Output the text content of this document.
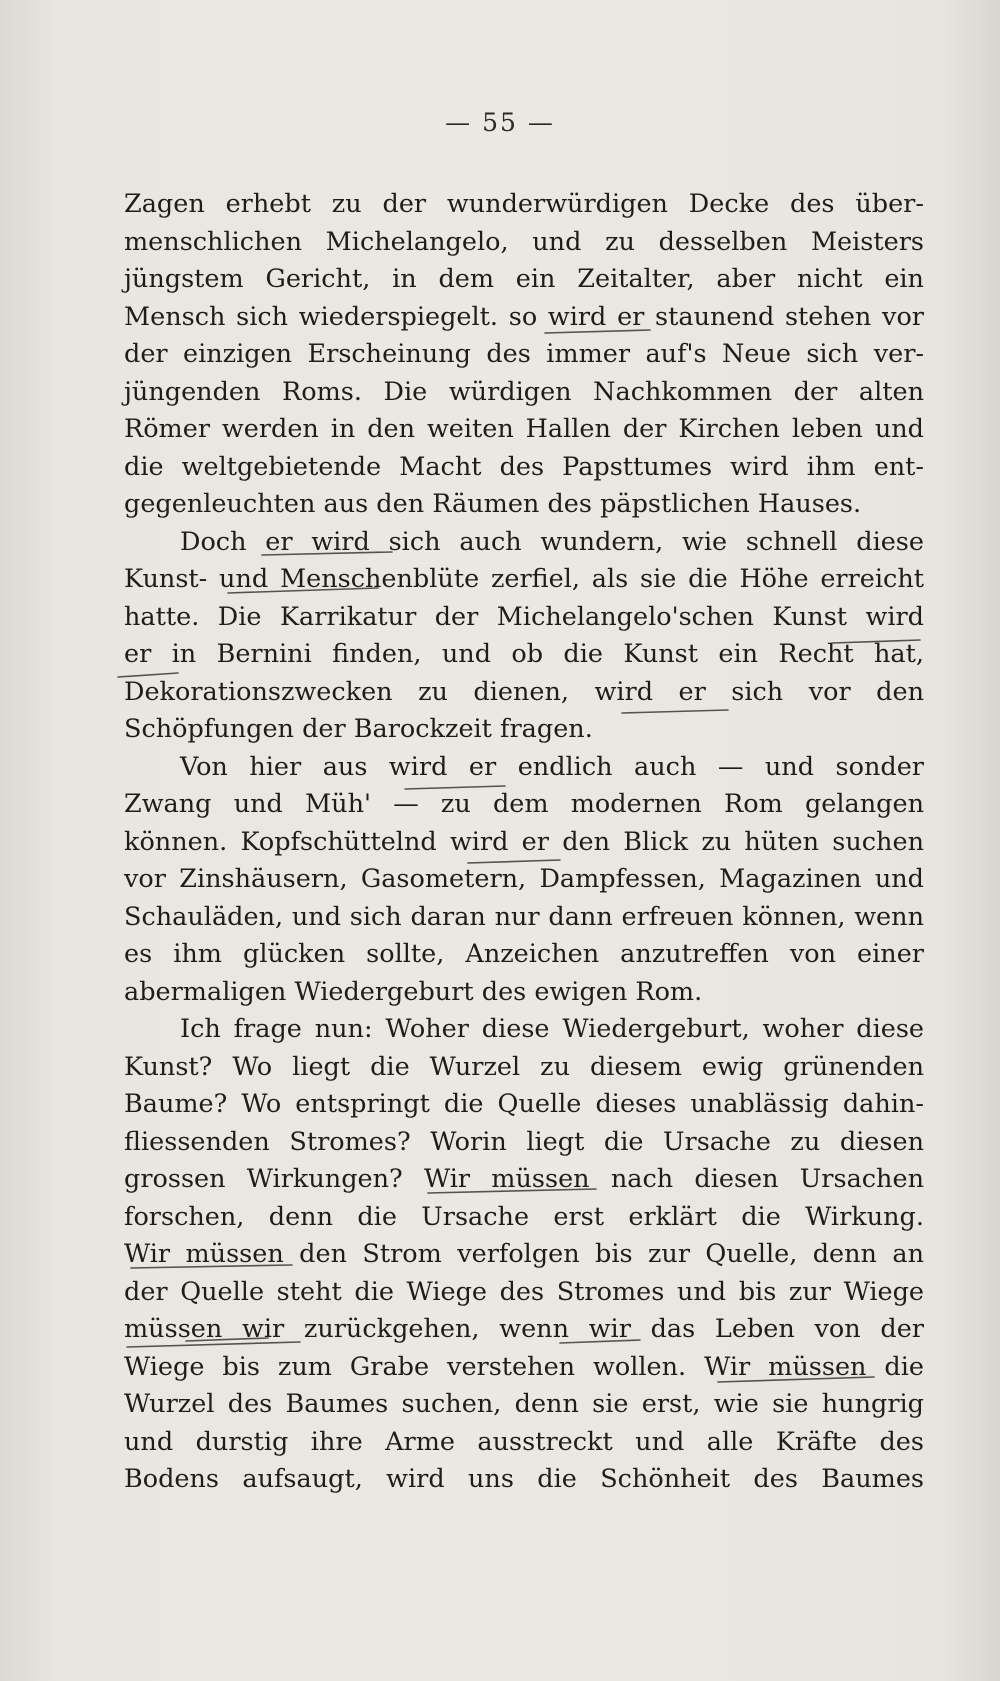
— 55 —
Zagen erhebt zu der wunderwürdigen Decke des über-
menschlichen Michelangelo, und zu desselben Meisters
jüngstem Gericht, in dem ein Zeitalter, aber nicht ein
Mensch sich wiederspiegelt. so wird er staunend stehen vor
der einzigen Erscheinung des immer auf's Neue sich ver-
jüngenden Roms. Die würdigen Nachkommen der alten
Römer werden in den weiten Hallen der Kirchen leben und
die weltgebietende Macht des Papsttumes wird ihm ent-
gegenleuchten aus den Räumen des päpstlichen Hauses.
Doch er wird sich auch wundern, wie schnell diese
Kunst- und Menschenblüte zerfiel, als sie die Höhe erreicht
hatte. Die Karrikatur der Michelangelo'schen Kunst wird
er in Bernini finden, und ob die Kunst ein Recht hat,
Dekorationszwecken zu dienen, wird er sich vor den
Schöpfungen der Barockzeit fragen.
Von hier aus wird er endlich auch — und sonder
Zwang und Müh' — zu dem modernen Rom gelangen
können. Kopfschüttelnd wird er den Blick zu hüten suchen
vor Zinshäusern, Gasometern, Dampfessen, Magazinen und
Schauläden, und sich daran nur dann erfreuen können, wenn
es ihm glücken sollte, Anzeichen anzutreffen von einer
abermaligen Wiedergeburt des ewigen Rom.
Ich frage nun: Woher diese Wiedergeburt, woher diese
Kunst? Wo liegt die Wurzel zu diesem ewig grünenden
Baume? Wo entspringt die Quelle dieses unablässig dahin-
fliessenden Stromes? Worin liegt die Ursache zu diesen
grossen Wirkungen? Wir müssen nach diesen Ursachen
forschen, denn die Ursache erst erklärt die Wirkung.
Wir müssen den Strom verfolgen bis zur Quelle, denn an
der Quelle steht die Wiege des Stromes und bis zur Wiege
müssen wir zurückgehen, wenn wir das Leben von der
Wiege bis zum Grabe verstehen wollen. Wir müssen die
Wurzel des Baumes suchen, denn sie erst, wie sie hungrig
und durstig ihre Arme ausstreckt und alle Kräfte des
Bodens aufsaugt, wird uns die Schönheit des Baumes
